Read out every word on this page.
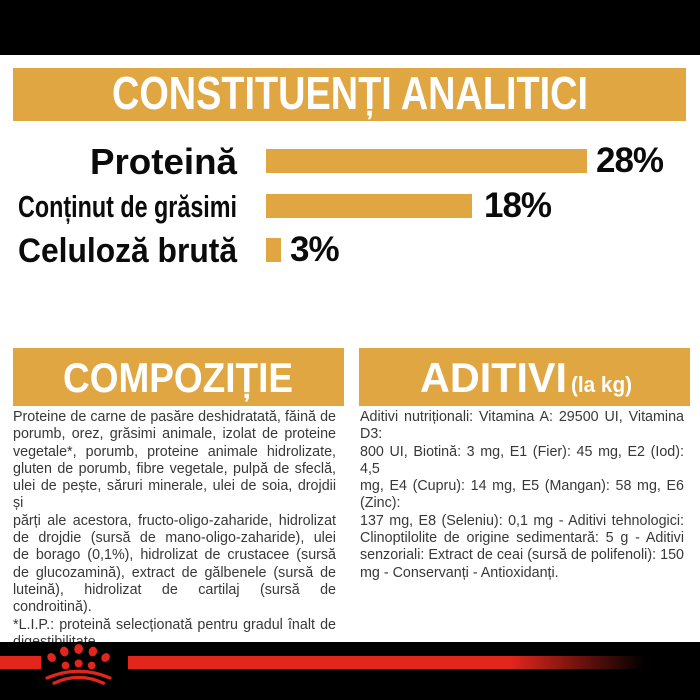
CONSTITUENȚI ANALITICI
Proteină	28%
Conținut de grăsimi	18%
Celuloză brută 3%
COMPOZIȚIE ADITIVI (la kg)
Proteine de carne de pasăre deshidratată, făină de
porumb, orez, grăsimi animale, izolat de proteine
vegetale*, porumb, proteine animale hidrolizate,
gluten de porumb, fibre vegetale, pulpă de sfeclă,
ulei de pește, săruri minerale, ulei de soia, drojdii și
părți ale acestora, fructo-oligo-zaharide, hidrolizat
de drojdie (sursă de mano-oligo-zaharide), ulei
de borago (0,1%), hidrolizat de crustacee (sursă
de glucozamină), extract de gălbenele (sursă de
luteină), hidrolizat de cartilaj (sursă de condroitină).
*L.I.P.: proteină selecționată pentru gradul înalt de
Aditivi nutriționali: Vitamina A: 29500 UI, Vitamina D3:
800 UI, Biotină: 3 mg, E1 (Fier): 45 mg, E2 (Iod): 4,5
mg, E4 (Cupru): 14 mg, E5 (Mangan): 58 mg, E6 (Zinc):
137 mg, E8 (Seleniu): 0,1 mg - Aditivi tehnologici:
Clinoptilolite de origine sedimentară: 5 g - Aditivi
senzoriali: Extract de ceai (sursă de polifenoli): 150
mg - Conservanți - Antioxidanți.
